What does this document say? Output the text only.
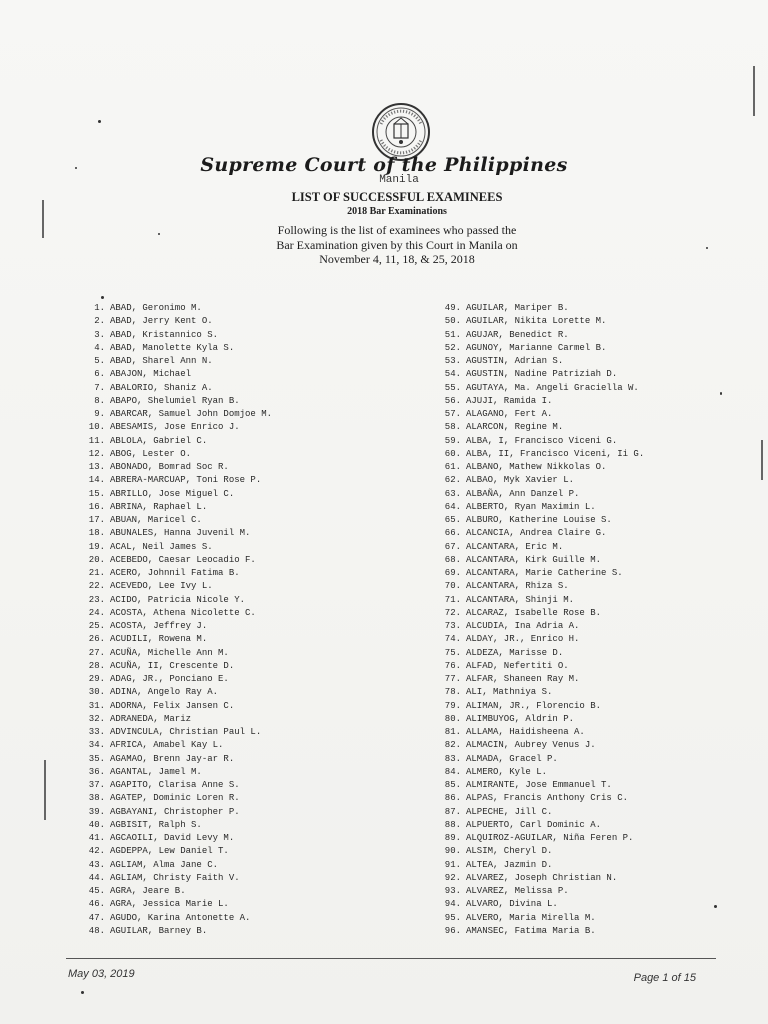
Supreme Court of the Philippines
Manila
LIST OF SUCCESSFUL EXAMINEES
2018 Bar Examinations
Following is the list of examinees who passed the
Bar Examination given by this Court in Manila on
November 4, 11, 18, & 25, 2018
1. ABAD, Geronimo M.
2. ABAD, Jerry Kent O.
3. ABAD, Kristannico S.
4. ABAD, Manolette Kyla S.
5. ABAD, Sharel Ann N.
6. ABAJON, Michael
7. ABALORIO, Shaniz A.
8. ABAPO, Shelumiel Ryan B.
9. ABARCAR, Samuel John Domjoe M.
10. ABESAMIS, Jose Enrico J.
11. ABLOLA, Gabriel C.
12. ABOG, Lester O.
13. ABONADO, Bomrad Soc R.
14. ABRERA-MARCUAP, Toni Rose P.
15. ABRILLO, Jose Miguel C.
16. ABRINA, Raphael L.
17. ABUAN, Maricel C.
18. ABUNALES, Hanna Juvenil M.
19. ACAL, Neil James S.
20. ACEBEDO, Caesar Leocadio F.
21. ACERO, Johnnil Fatima B.
22. ACEVEDO, Lee Ivy L.
23. ACIDO, Patricia Nicole Y.
24. ACOSTA, Athena Nicolette C.
25. ACOSTA, Jeffrey J.
26. ACUDILI, Rowena M.
27. ACUÑA, Michelle Ann M.
28. ACUÑA, II, Crescente D.
29. ADAG, JR., Ponciano E.
30. ADINA, Angelo Ray A.
31. ADORNA, Felix Jansen C.
32. ADRANEDA, Mariz
33. ADVINCULA, Christian Paul L.
34. AFRICA, Amabel Kay L.
35. AGAMAO, Brenn Jay-ar R.
36. AGANTAL, Jamel M.
37. AGAPITO, Clarisa Anne S.
38. AGATEP, Dominic Loren R.
39. AGBAYANI, Christopher P.
40. AGBISIT, Ralph S.
41. AGCAOILI, David Levy M.
42. AGDEPPA, Lew Daniel T.
43. AGLIAM, Alma Jane C.
44. AGLIAM, Christy Faith V.
45. AGRA, Jeare B.
46. AGRA, Jessica Marie L.
47. AGUDO, Karina Antonette A.
48. AGUILAR, Barney B.
49. AGUILAR, Mariper B.
50. AGUILAR, Nikita Lorette M.
51. AGUJAR, Benedict R.
52. AGUNOY, Marianne Carmel B.
53. AGUSTIN, Adrian S.
54. AGUSTIN, Nadine Patriziah D.
55. AGUTAYA, Ma. Angeli Graciella W.
56. AJUJI, Ramida I.
57. ALAGANO, Fert A.
58. ALARCON, Regine M.
59. ALBA, I, Francisco Viceni G.
60. ALBA, II, Francisco Viceni, Ii G.
61. ALBANO, Mathew Nikkolas O.
62. ALBAO, Myk Xavier L.
63. ALBAÑA, Ann Danzel P.
64. ALBERTO, Ryan Maximin L.
65. ALBURO, Katherine Louise S.
66. ALCANCIA, Andrea Claire G.
67. ALCANTARA, Eric M.
68. ALCANTARA, Kirk Guille M.
69. ALCANTARA, Marie Catherine S.
70. ALCANTARA, Rhiza S.
71. ALCANTARA, Shinji M.
72. ALCARAZ, Isabelle Rose B.
73. ALCUDIA, Ina Adria A.
74. ALDAY, JR., Enrico H.
75. ALDEZA, Marisse D.
76. ALFAD, Nefertiti O.
77. ALFAR, Shaneen Ray M.
78. ALI, Mathniya S.
79. ALIMAN, JR., Florencio B.
80. ALIMBUYOG, Aldrin P.
81. ALLAMA, Haidisheena A.
82. ALMACIN, Aubrey Venus J.
83. ALMADA, Gracel P.
84. ALMERO, Kyle L.
85. ALMIRANTE, Jose Emmanuel T.
86. ALPAS, Francis Anthony Cris C.
87. ALPECHE, Jill C.
88. ALPUERTO, Carl Dominic A.
89. ALQUIROZ-AGUILAR, Niña Feren P.
90. ALSIM, Cheryl D.
91. ALTEA, Jazmin D.
92. ALVAREZ, Joseph Christian N.
93. ALVAREZ, Melissa P.
94. ALVARO, Divina L.
95. ALVERO, Maria Mirella M.
96. AMANSEC, Fatima Maria B.
May 03, 2019	Page 1 of 15
